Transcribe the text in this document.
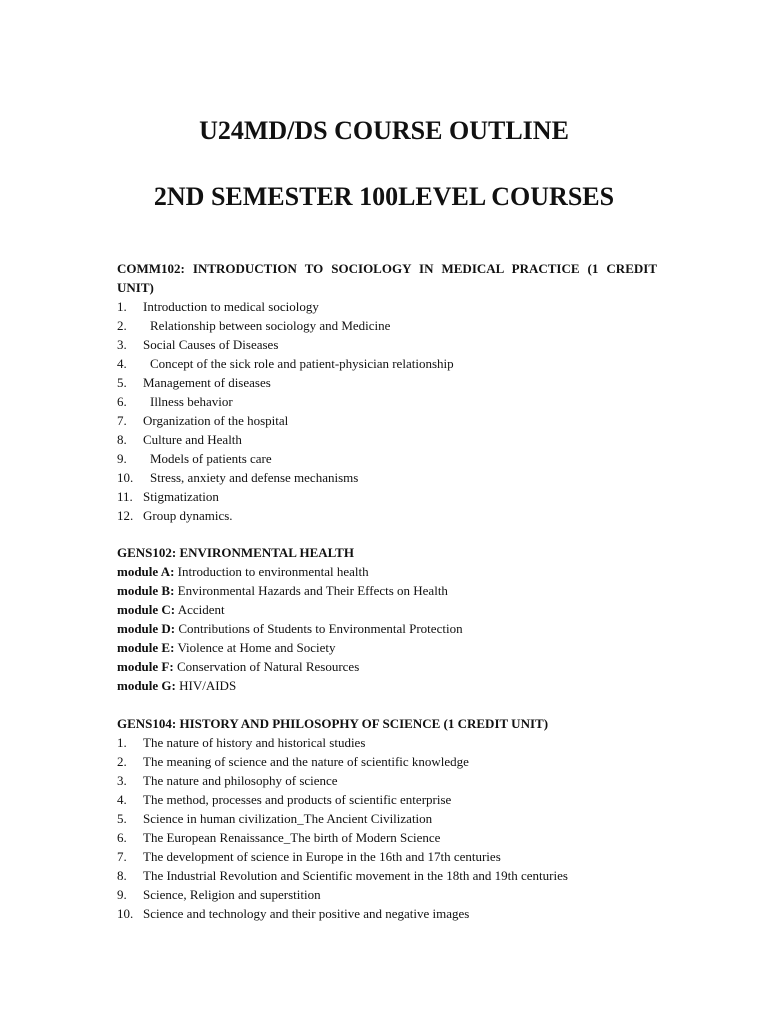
U24MD/DS COURSE OUTLINE
2ND SEMESTER 100LEVEL COURSES

COMM102: INTRODUCTION TO SOCIOLOGY IN MEDICAL PRACTICE (1 CREDIT UNIT)

1. Introduction to medical sociology
2. Relationship between sociology and Medicine
3. Social Causes of Diseases
4. Concept of the sick role and patient-physician relationship
5. Management of diseases
6. Illness behavior
7. Organization of the hospital
8. Culture and Health
9. Models of patients care
10. Stress, anxiety and defense mechanisms
11. Stigmatization
12. Group dynamics.

GENS102: ENVIRONMENTAL HEALTH

module A: Introduction to environmental health
module B: Environmental Hazards and Their Effects on Health
module C: Accident
module D: Contributions of Students to Environmental Protection
module E: Violence at Home and Society
module F: Conservation of Natural Resources
module G: HIV/AIDS

GENS104: HISTORY AND PHILOSOPHY OF SCIENCE (1 CREDIT UNIT)

1. The nature of history and historical studies
2. The meaning of science and the nature of scientific knowledge
3. The nature and philosophy of science
4. The method, processes and products of scientific enterprise
5. Science in human civilization_The Ancient Civilization
6. The European Renaissance_The birth of Modern Science
7. The development of science in Europe in the 16th and 17th centuries
8. The Industrial Revolution and Scientific movement in the 18th and 19th centuries
9. Science, Religion and superstition
10. Science and technology and their positive and negative images
